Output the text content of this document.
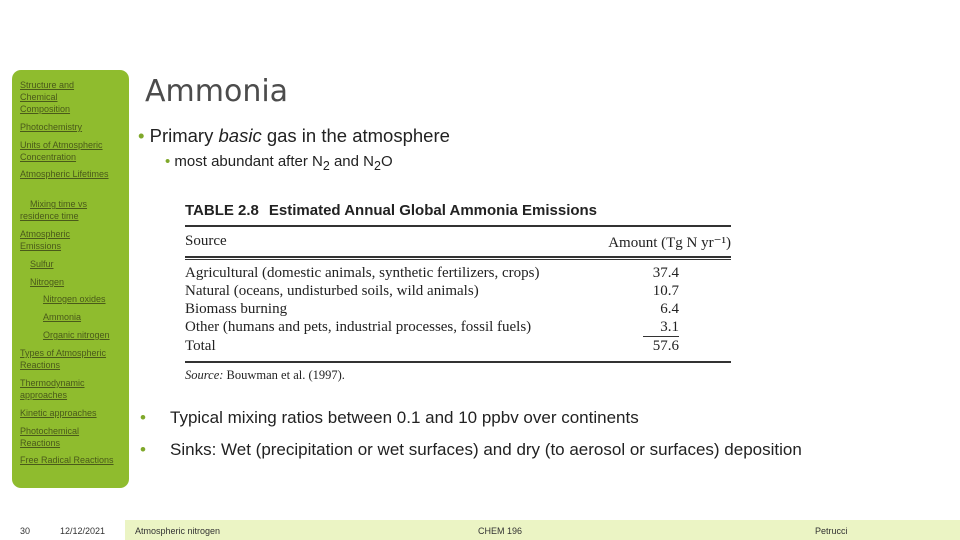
Structure and Chemical Composition
Photochemistry
Units of Atmospheric Concentration
Atmospheric Lifetimes
Mixing time vs residence time
Atmospheric Emissions
Sulfur
Nitrogen
Nitrogen oxides
Ammonia
Organic nitrogen
Types of Atmospheric Reactions
Thermodynamic approaches
Kinetic approaches
Photochemical Reactions
Free Radical Reactions
Ammonia
• Primary basic gas in the atmosphere
• most abundant after $N_2$ and $N_2O$
TABLE 2.8 Estimated Annual Global Ammonia Emissions
Source	Amount (Tg N yr⁻¹)
Agricultural (domestic animals, synthetic fertilizers, crops)	37.4
Natural (oceans, undisturbed soils, wild animals)	10.7
Biomass burning	6.4
Other (humans and pets, industrial processes, fossil fuels)	3.1
Total	57.6
Source: Bouwman et al. (1997).
• Typical mixing ratios between 0.1 and 10 ppbv over continents
• Sinks: Wet (precipitation or wet surfaces) and dry (to aerosol or surfaces) deposition
30	12/12/2021	Atmospheric nitrogen	CHEM 196	Petrucci
